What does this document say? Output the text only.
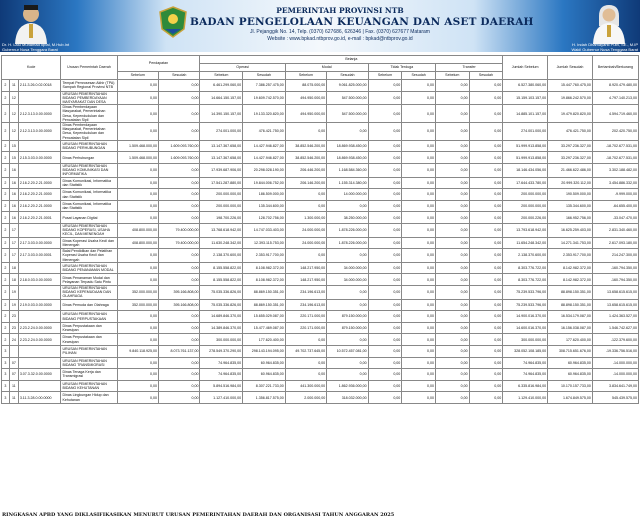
Dr. H. Lalu Muhamad Iqbal, M.Hub.Int
Gubernur Nusa Tenggara Barat
PEMERINTAH PROVINSI NTB
BADAN PENGELOLAAN KEUANGAN DAN ASET DAERAH
Jl. Pejanggik No. 14, Telp. (0370) 627686, 626346 | Fax. (0370) 627677 Mataram
Website : www.bpkad.ntbprov.go.id, e-mail : bpkad@ntbprov.go.id
H. Indah Dhamayanti Putri, SE., M.IP
Wakil Gubernur Nusa Tenggara Barat
Kode			Urusan Pemerintah Daerah	Pendapatan		Belanja								Jumlah Sebelum	Jumlah Sesudah	Bertambah/Berkurang
						Operasi		Modal		Tidak Terduga		Transfer				
				Sebelum	Sesudah	Sebelum	Sesudah	Sebelum	Sesudah	Sebelum	Sesudah	Sebelum	Sesudah			
2	11	2.11.3.26.0.02.0018	Tempat Pemrosesan Akhir (TPA) Sampah Regional Provinsi NTB	0,00	0,00	6.461.299.060,00	7.386.257.475,00	88.075.000,00	9.061.825.000,00	0,00	0,00	0,00	0,00	6.527.380.060,00	15.447.760.475,00	8.920.479.480,00
2	12		URUSAN PEMERINTAHAN BIDANG PEMBERDAYAAN MASYARAKAT DAN DESA	0,00	0,00	14.664.150.157,00	19.609.742.570,00	494.950.000,00	547.500.000,00	0,00	0,00	0,00	0,00	15.159.103.157,00	19.866.242.570,00	4.797.140.213,00
2	12	2.12.3.13.0.00.0000	Dinas Pemberdayaan Masyarakat, Pemerintahan Desa, Kependudukan dan Pencatatan Sipil	0,00	0,00	14.390.150.157,00	19.133.320.820,00	494.950.000,00	547.500.000,00	0,00	0,00	0,00	0,00	14.885.101.157,00	19.479.820.820,00	4.594.719.460,00
2	12	2.12.3.13.0.00.0000	Dinas Pemberdayaan Masyarakat, Pemerintahan Desa, Kependudukan dan Pencatatan Sipil	0,00	0,00	274.001.000,00	476.421.750,00	0,00	0,00	0,00	0,00	0,00	0,00	274.001.000,00	476.421.750,00	202.420.750,00
2	15		URUSAN PEMERINTAHAN BIDANG PERHUBUNGAN	1.509.468.000,00	1.609.093.760,00	13.147.367.658,00	14.427.946.827,00	38.852.546.200,00	18.869.938.450,00	0,00	0,00	0,00	0,00	51.999.913.858,00	33.297.236.327,00	-18.702.677.531,00
2	15	2.15.3.03.0.00.0000	Dinas Perhubungan	1.509.468.000,00	1.609.093.760,00	13.147.367.658,00	14.427.946.827,00	38.852.546.200,00	18.869.938.450,00	0,00	0,00	0,00	0,00	51.999.913.858,00	33.297.236.327,00	-18.702.677.531,00
2	16		URUSAN PEMERINTAHAN BIDANG KOMUNIKASI DAN INFORMATIKA	0,00	0,00	17.939.687.906,00	20.298.028.190,00	206.446.200,00	1.168.584.360,00	0,00	0,00	0,00	0,00	18.146.434.056,00	21.466.622.486,00	3.302.188.482,00
2	16	2.16.2.20.2.21.0000	Dinas Komunikasi, Informatika dan Statistik	0,00	0,00	17.541.287.880,00	19.844.006.752,00	206.146.200,00	1.155.314.380,00	0,00	0,00	0,00	0,00	17.644.433.780,00	20.999.320.112,00	3.454.886.332,00
2	16	2.16.2.20.2.21.0000	Dinas Komunikasi, Informatika dan Statistik	0,00	0,00	200.000.000,00	186.509.000,00	0,00	14.000.000,00	0,00	0,00	0,00	0,00	200.000.000,00	190.509.000,00	-9.999.000,00
2	16	2.16.2.20.2.21.0000	Dinas Komunikasi, Informatika dan Statistik	0,00	0,00	200.000.000,00	135.344.600,00	0,00	0,00	0,00	0,00	0,00	0,00	200.000.000,00	135.344.600,00	-64.655.400,00
2	16	2.16.2.20.2.21.0001	Pusat Layanan Digital	0,00	0,00	198.700.226,00	128.702.756,00	1.300.000,00	38.250.000,00	0,00	0,00	0,00	0,00	200.000.226,00	166.952.756,00	-33.047.470,00
2	17		URUSAN PEMERINTAHAN BIDANG KOPERASI, USAHA KECIL, DAN MENENGAH	408.800.000,00	79.400.000,00	13.768.618.942,00	14.747.033.403,00	24.000.000,00	1.878.226.000,00	0,00	0,00	0,00	0,00	13.793.618.942,00	16.625.259.403,00	2.831.340.460,00
2	17	2.17.3.03.0.00.0000	Dinas Koperasi Usaha Kecil dan Menengah	408.800.000,00	79.400.000,00	11.630.248.342,00	12.393.115.753,00	24.000.000,00	1.878.226.000,00	0,00	0,00	0,00	0,00	11.654.248.342,00	14.271.341.753,00	2.617.093.180,00
2	17	2.17.3.03.0.00.0001	Balai Pendidikan dan Pelatihan Koperasi Usaha Kecil dan Menengah	0,00	0,00	2.138.370.600,00	2.353.917.700,00	0,00	0,00	0,00	0,00	0,00	0,00	2.138.370.600,00	2.353.917.700,00	214.247.300,00
2	18		URUSAN PEMERINTAHAN BIDANG PENANAMAN MODAL	0,00	0,00	8.155.558.822,00	8.108.982.372,00	148.217.950,00	34.000.000,00	0,00	0,00	0,00	0,00	8.303.776.722,00	8.142.982.372,00	-160.794.350,00
2	18	2.18.0.03.0.00.0000	Dinas Penanaman Modal dan Pelayanan Terpadu Satu Pintu	0,00	0,00	8.155.558.822,00	8.108.982.372,00	148.217.950,00	34.000.000,00	0,00	0,00	0,00	0,00	8.303.776.722,00	8.142.982.372,00	-160.794.350,00
2	19		URUSAN PEMERINTAHAN BIDANG KEPEMUDAAN DAN OLAHRAGA	352.000.000,00	395.166.808,00	75.035.336.826,00	88.869.150.351,00	234.196.613,00	0,00	0,00	0,00	0,00	0,00	75.239.533.796,00	88.898.150.351,00	13.658.615.615,00
2	19	2.19.0.03.0.00.0000	Dinas Pemuda dan Olahraga	352.000.000,00	395.166.808,00	75.035.336.826,00	88.869.150.351,00	234.196.613,00	0,00	0,00	0,00	0,00	0,00	75.239.533.796,00	88.898.150.351,00	13.658.615.615,00
2	23		URUSAN PEMERINTAHAN BIDANG PERPUSTAKAAN	0,00	0,00	14.689.846.370,00	15.655.029.087,00	220.171.000,00	879.150.000,00	0,00	0,00	0,00	0,00	14.900.016.370,00	16.534.179.087,00	1.424.363.527,00
2	23	2.23.2.24.0.00.0000	Dinas Perpustakaan dan Kearsipan	0,00	0,00	14.389.846.370,00	15.477.469.087,00	220.171.000,00	879.150.000,00	0,00	0,00	0,00	0,00	14.600.016.370,00	16.156.038.087,00	1.546.742.627,00
2	24	2.23.2.24.0.00.0000	Dinas Perpustakaan dan Kearsipan	0,00	0,00	300.000.000,00	177.620.400,00	0,00	0,00	0,00	0,00	0,00	0,00	300.000.000,00	177.620.400,00	-122.379.600,00
3			URUSAN PEMERINTAHAN PILIHAN	9.840.118.925,00	8.073.761.137,00	278.549.370.290,00	298.143.194.095,00	49.702.737.645,00	10.572.457.081,00	0,00	0,00	0,00	0,00	328.052.108.185,00	308.715.651.676,00	-19.336.756.516,00
3	07		URUSAN PEMERINTAHAN BIDANG TRANSMIGRASI	0,00	0,00	74.964.835,00	60.964.835,00	0,00	0,00	0,00	0,00	0,00	0,00	74.964.835,00	60.964.835,00	-14.000.000,00
3	07	3.07.3.32.0.00.0000	Dinas Tenaga Kerja dan Transmigrasi	0,00	0,00	74.964.835,00	60.964.835,00	0,00	0,00	0,00	0,00	0,00	0,00	74.964.835,00	60.964.835,00	-14.000.000,00
3	11		URUSAN PEMERINTAHAN BIDANG KEHUTANAN	0,00	0,00	5.894.516.984,00	8.307.221.733,00	441.300.000,00	1.862.936.000,00	0,00	0,00	0,00	0,00	6.335.816.984,00	10.170.157.733,00	3.834.641.749,00
3	11	3.11.3.28.0.00.0000	Dinas Lingkungan Hidup dan Kehutanan	0,00	0,00	1.127.410.000,00	1.356.817.575,00	2.000.000,00	318.032.000,00	0,00	0,00	0,00	0,00	1.129.410.000,00	1.674.849.575,00	545.439.575,00
RINGKASAN APBD YANG DIKLASIFIKASIKAN MENURUT URUSAN PEMERINTAHAN DAERAH DAN ORGANISASI TAHUN ANGGARAN 2025
